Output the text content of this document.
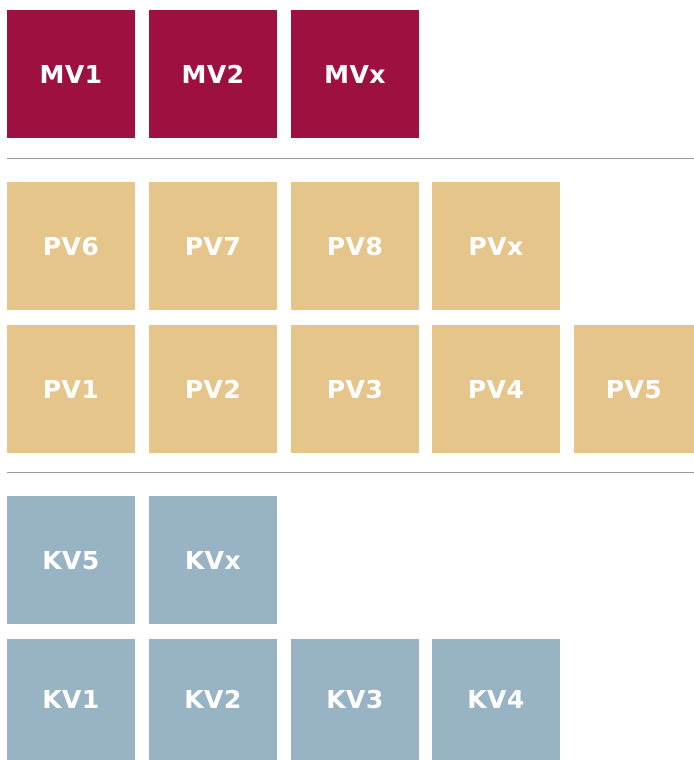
MV1	MV2	MVx
PV6	PV7	PV8	PVx
PV1	PV2	PV3	PV4	PV5
KV5	KVx
KV1	KV2	KV3	KV4
